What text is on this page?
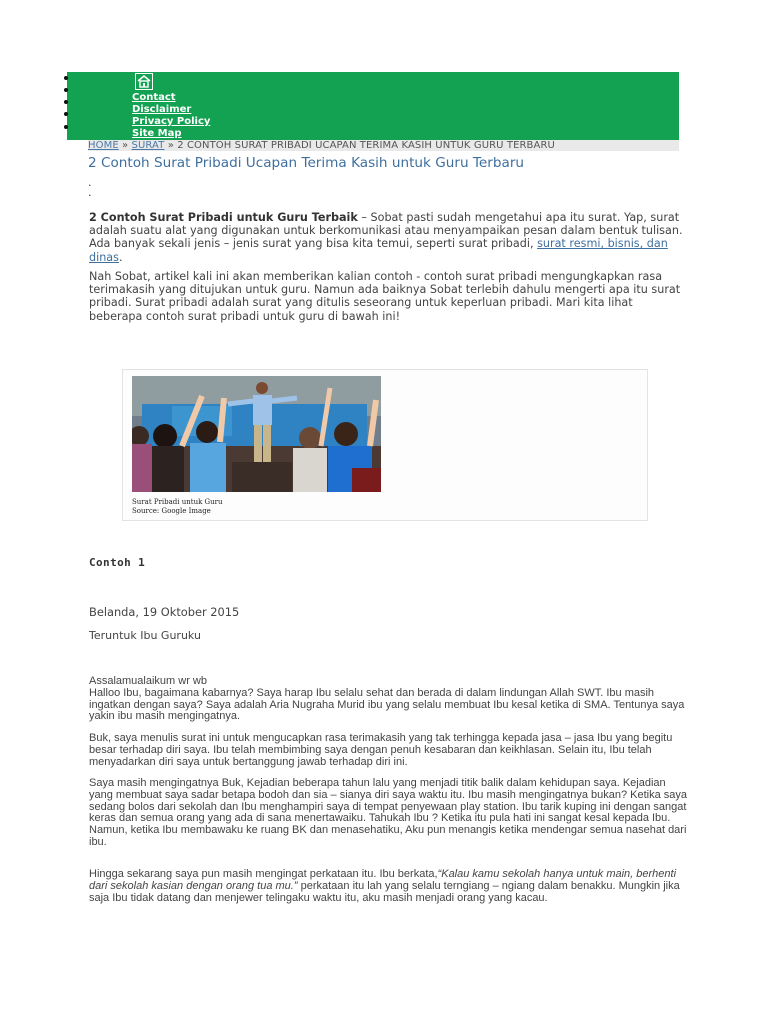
Contact
Disclaimer
Privacy Policy
Site Map
HOME » SURAT » 2 CONTOH SURAT PRIBADI UCAPAN TERIMA KASIH UNTUK GURU TERBARU
2 Contoh Surat Pribadi Ucapan Terima Kasih untuk Guru Terbaru
.
.

2 Contoh Surat Pribadi untuk Guru Terbaik – Sobat pasti sudah mengetahui apa itu surat. Yap, surat adalah suatu alat yang digunakan untuk berkomunikasi atau menyampaikan pesan dalam bentuk tulisan. Ada banyak sekali jenis – jenis surat yang bisa kita temui, seperti surat pribadi, surat resmi, bisnis, dan dinas.

Nah Sobat, artikel kali ini akan memberikan kalian contoh - contoh surat pribadi mengungkapkan rasa terimakasih yang ditujukan untuk guru. Namun ada baiknya Sobat terlebih dahulu mengerti apa itu surat pribadi. Surat pribadi adalah surat yang ditulis seseorang untuk keperluan pribadi. Mari kita lihat beberapa contoh surat pribadi untuk guru di bawah ini!

Surat Pribadi untuk Guru
Source: Google Image
Contoh 1
Belanda, 19 Oktober 2015
Teruntuk Ibu Guruku

Assalamualaikum wr wb
Halloo Ibu, bagaimana kabarnya? Saya harap Ibu selalu sehat dan berada di dalam lindungan Allah SWT. Ibu masih ingatkan dengan saya? Saya adalah Aria Nugraha Murid ibu yang selalu membuat Ibu kesal ketika di SMA. Tentunya saya yakin ibu masih mengingatnya.

Buk, saya menulis surat ini untuk mengucapkan rasa terimakasih yang tak terhingga kepada jasa – jasa Ibu yang begitu besar terhadap diri saya. Ibu telah membimbing saya dengan penuh kesabaran dan keikhlasan. Selain itu, Ibu telah menyadarkan diri saya untuk bertanggung jawab terhadap diri ini.

Saya masih mengingatnya Buk, Kejadian beberapa tahun lalu yang menjadi titik balik dalam kehidupan saya. Kejadian yang membuat saya sadar betapa bodoh dan sia – sianya diri saya waktu itu. Ibu masih mengingatnya bukan? Ketika saya sedang bolos dari sekolah dan Ibu menghampiri saya di tempat penyewaan play station. Ibu tarik kuping ini dengan sangat keras dan semua orang yang ada di sana menertawaiku. Tahukah Ibu ? Ketika itu pula hati ini sangat kesal kepada Ibu. Namun, ketika Ibu membawaku ke ruang BK dan menasehatiku, Aku pun menangis ketika mendengar semua nasehat dari ibu.

Hingga sekarang saya pun masih mengingat perkataan itu. Ibu berkata,“Kalau kamu sekolah hanya untuk main, berhenti dari sekolah kasian dengan orang tua mu.” perkataan itu lah yang selalu terngiang – ngiang dalam benakku. Mungkin jika saja Ibu tidak datang dan menjewer telingaku waktu itu, aku masih menjadi orang yang kacau.
